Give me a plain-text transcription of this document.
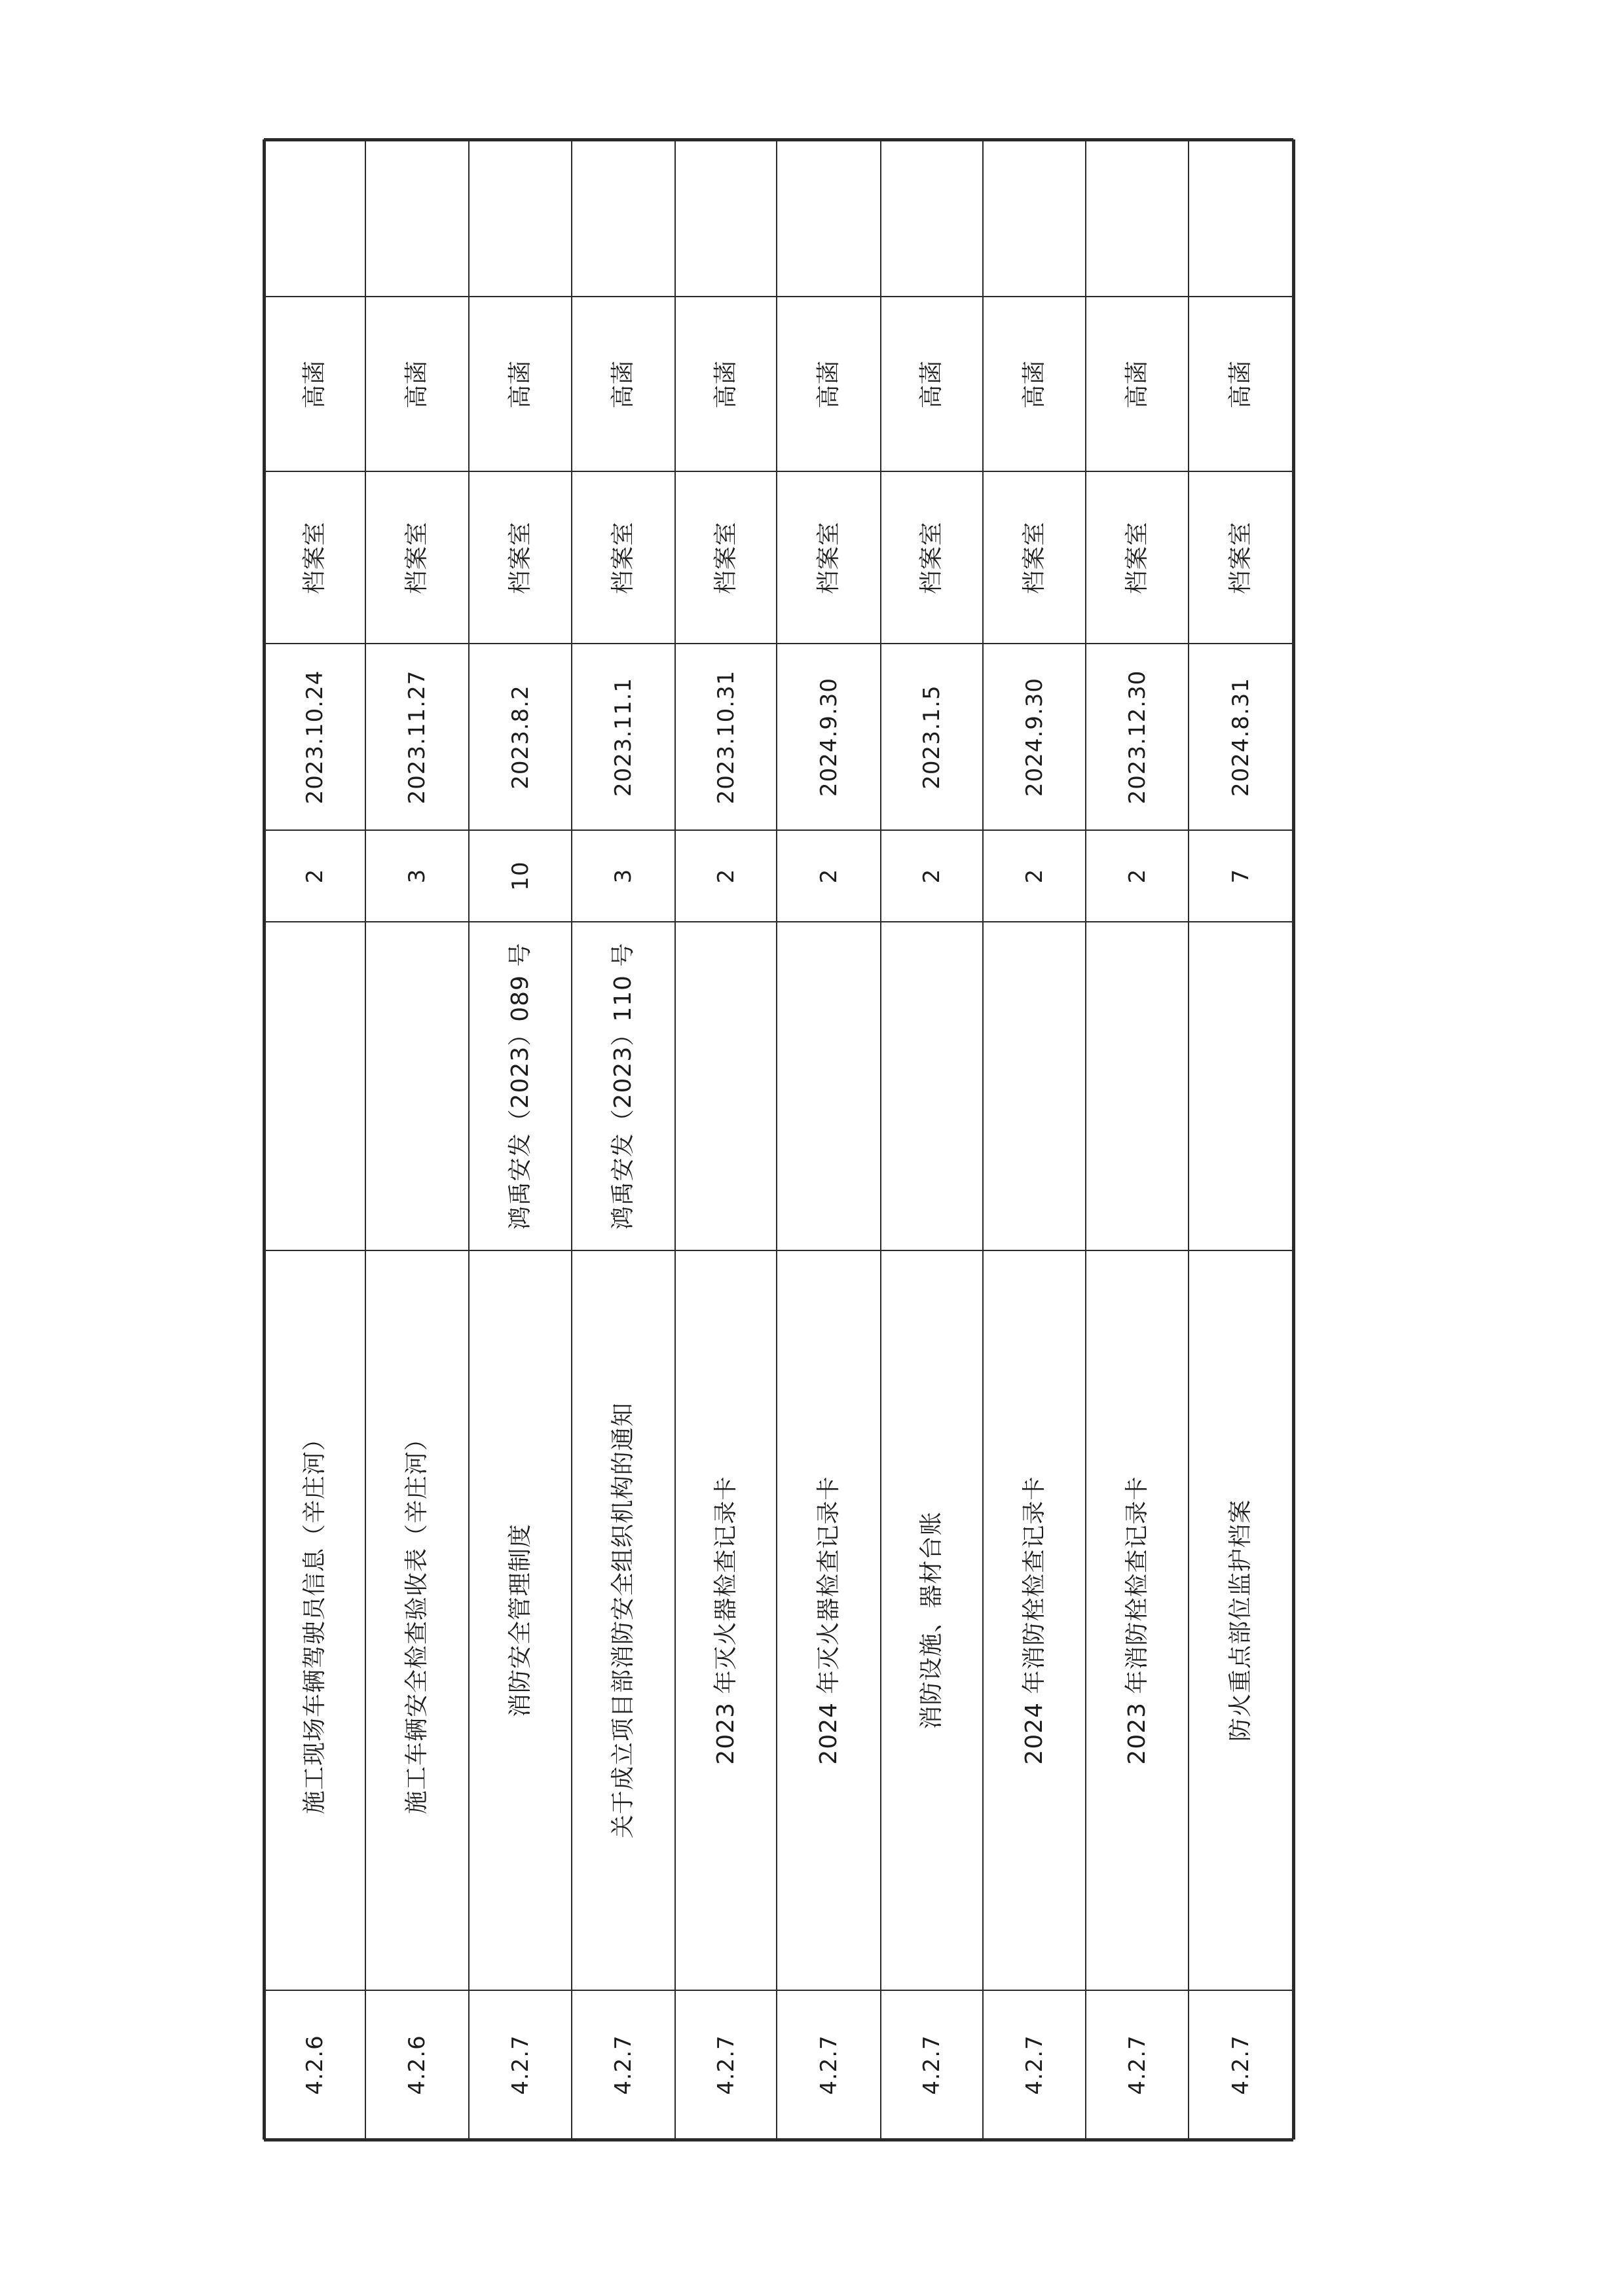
高菡
档案室
2023.10.24
2
施工现场车辆驾驶员信息（辛庄河）
4.2.6
高菡
档案室
2023.11.27
3
施工车辆安全检查验收表（辛庄河）
4.2.6
高菡
档案室
2023.8.2
10
鸿禹安发（2023）089 号
消防安全管理制度
4.2.7
高菡
档案室
2023.11.1
3
鸿禹安发（2023）110 号
关于成立项目部消防安全组织机构的通知
4.2.7
高菡
档案室
2023.10.31
2
2023 年灭火器检查记录卡
4.2.7
高菡
档案室
2024.9.30
2
2024 年灭火器检查记录卡
4.2.7
高菡
档案室
2023.1.5
2
消防设施、器材台账
4.2.7
高菡
档案室
2024.9.30
2
2024 年消防栓检查记录卡
4.2.7
高菡
档案室
2023.12.30
2
2023 年消防栓检查记录卡
4.2.7
高菡
档案室
2024.8.31
7
防火重点部位监护档案
4.2.7
